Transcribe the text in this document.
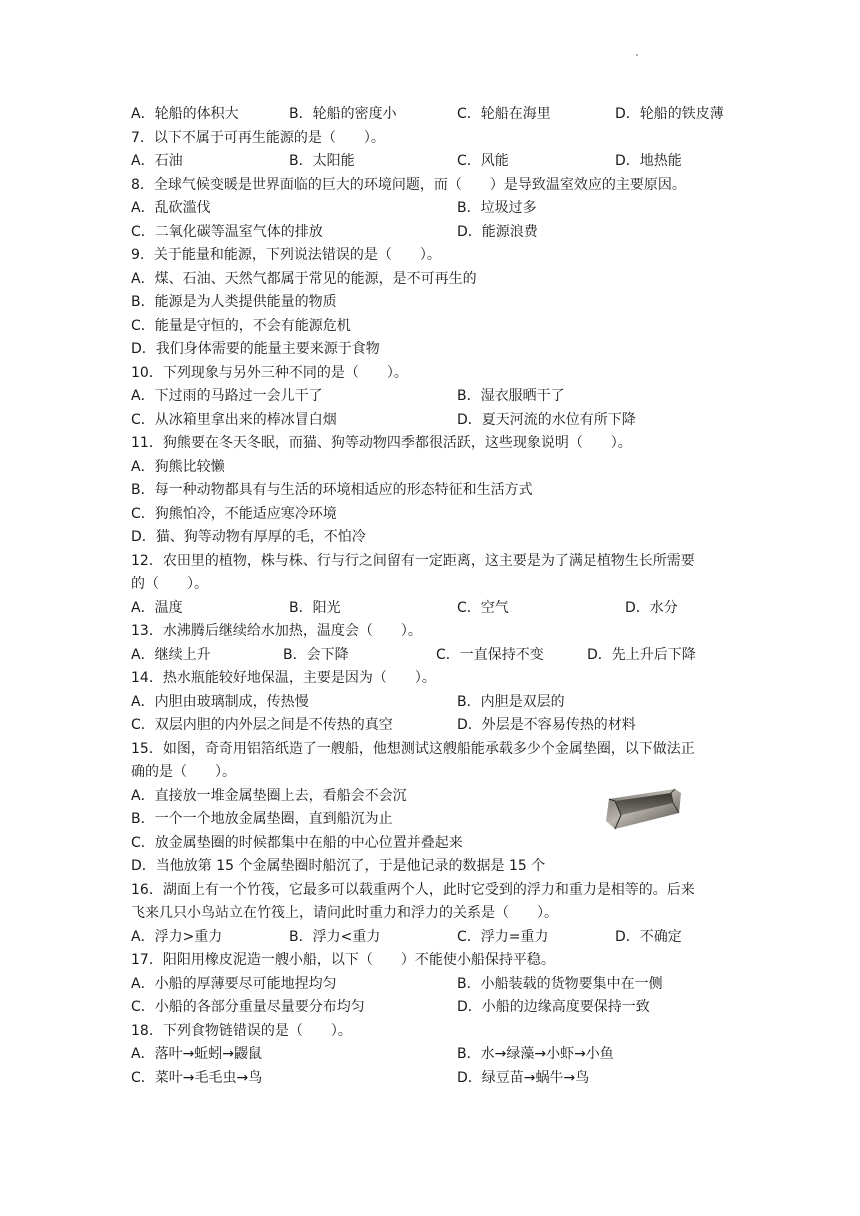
A．轮船的体积大	B．轮船的密度小	C．轮船在海里	D．轮船的铁皮薄
7．以下不属于可再生能源的是（　　）。
A．石油	B．太阳能	C．风能	D．地热能
8．全球气候变暖是世界面临的巨大的环境问题，而（　　）是导致温室效应的主要原因。
A．乱砍滥伐	B．垃圾过多
C．二氧化碳等温室气体的排放	D．能源浪费
9．关于能量和能源，下列说法错误的是（　　）。
A．煤、石油、天然气都属于常见的能源，是不可再生的
B．能源是为人类提供能量的物质
C．能量是守恒的，不会有能源危机
D．我们身体需要的能量主要来源于食物
10．下列现象与另外三种不同的是（　　）。
A．下过雨的马路过一会儿干了	B．湿衣服晒干了
C．从冰箱里拿出来的棒冰冒白烟	D．夏天河流的水位有所下降
11．狗熊要在冬天冬眠，而猫、狗等动物四季都很活跃，这些现象说明（　　）。
A．狗熊比较懒
B．每一种动物都具有与生活的环境相适应的形态特征和生活方式
C．狗熊怕冷，不能适应寒冷环境
D．猫、狗等动物有厚厚的毛，不怕冷
12．农田里的植物，株与株、行与行之间留有一定距离，这主要是为了满足植物生长所需要
的（　　）。
A．温度	B．阳光	C．空气	D．水分
13．水沸腾后继续给水加热，温度会（　　）。
A．继续上升	B．会下降	C．一直保持不变	D．先上升后下降
14．热水瓶能较好地保温，主要是因为（　　）。
A．内胆由玻璃制成，传热慢	B．内胆是双层的
C．双层内胆的内外层之间是不传热的真空	D．外层是不容易传热的材料
15．如图，奇奇用铝箔纸造了一艘船，他想测试这艘船能承载多少个金属垫圈，以下做法正
确的是（　　）。
A．直接放一堆金属垫圈上去，看船会不会沉
B．一个一个地放金属垫圈，直到船沉为止
C．放金属垫圈的时候都集中在船的中心位置并叠起来
D．当他放第 15 个金属垫圈时船沉了，于是他记录的数据是 15 个
16．湖面上有一个竹筏，它最多可以载重两个人，此时它受到的浮力和重力是相等的。后来
飞来几只小鸟站立在竹筏上，请问此时重力和浮力的关系是（　　）。
A．浮力>重力	B．浮力<重力	C．浮力=重力	D．不确定
17．阳阳用橡皮泥造一艘小船，以下（　　）不能使小船保持平稳。
A．小船的厚薄要尽可能地捏均匀	B．小船装载的货物要集中在一侧
C．小船的各部分重量尽量要分布均匀	D．小船的边缘高度要保持一致
18．下列食物链错误的是（　　）。
A．落叶→蚯蚓→鼹鼠	B．水→绿藻→小虾→小鱼
C．菜叶→毛毛虫→鸟	D．绿豆苗→蜗牛→鸟
